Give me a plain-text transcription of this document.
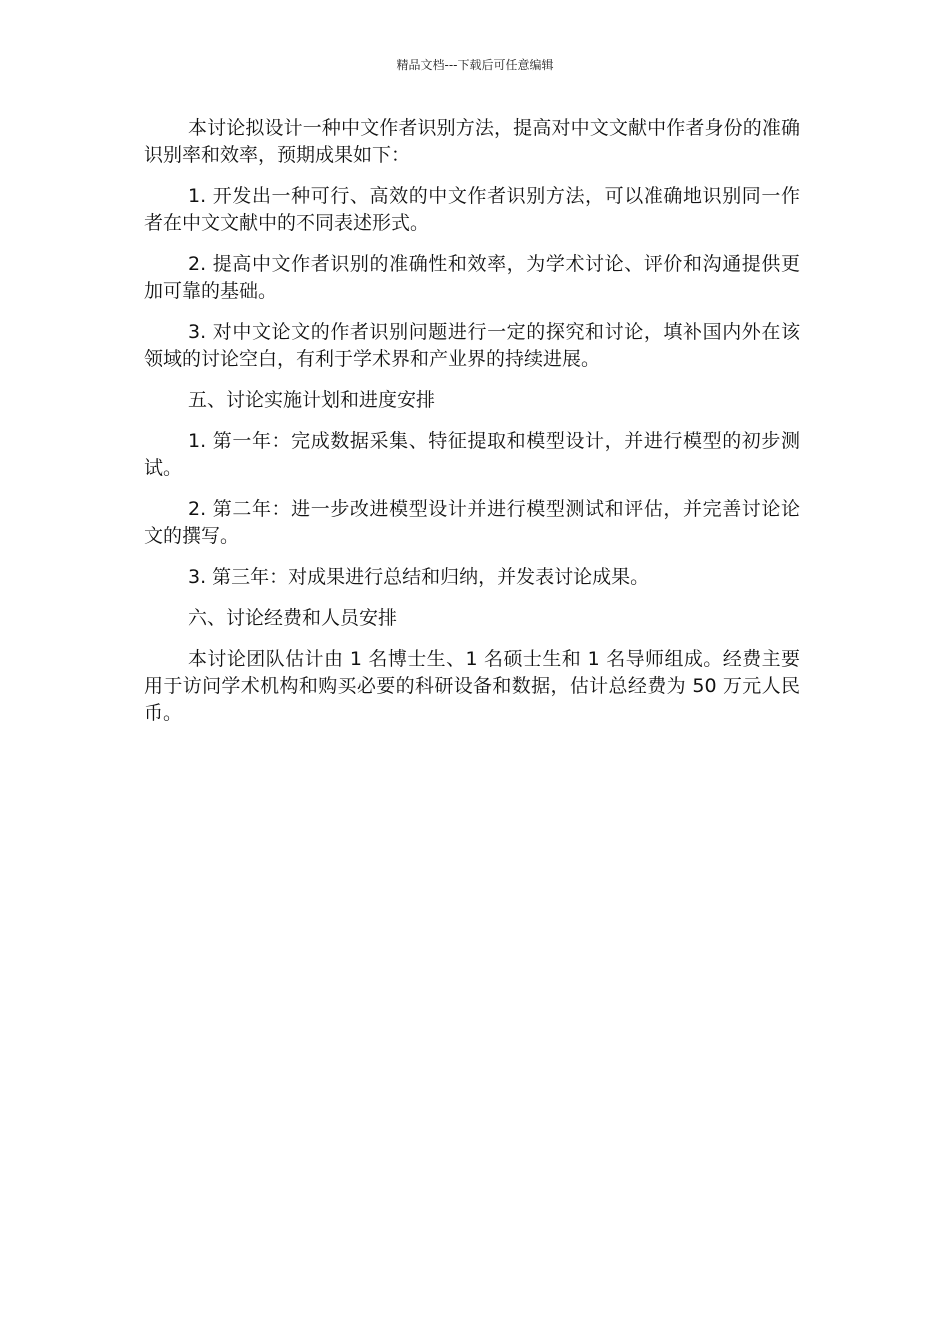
精品文档---下载后可任意编辑

本讨论拟设计一种中文作者识别方法，提高对中文文献中作者身份的准确识别率和效率，预期成果如下：

1. 开发出一种可行、高效的中文作者识别方法，可以准确地识别同一作者在中文文献中的不同表述形式。

2. 提高中文作者识别的准确性和效率，为学术讨论、评价和沟通提供更加可靠的基础。

3. 对中文论文的作者识别问题进行一定的探究和讨论，填补国内外在该领域的讨论空白，有利于学术界和产业界的持续进展。

五、讨论实施计划和进度安排

1. 第一年：完成数据采集、特征提取和模型设计，并进行模型的初步测试。

2. 第二年：进一步改进模型设计并进行模型测试和评估，并完善讨论论文的撰写。

3. 第三年：对成果进行总结和归纳，并发表讨论成果。

六、讨论经费和人员安排

本讨论团队估计由 1 名博士生、1 名硕士生和 1 名导师组成。经费主要用于访问学术机构和购买必要的科研设备和数据，估计总经费为 50 万元人民币。
